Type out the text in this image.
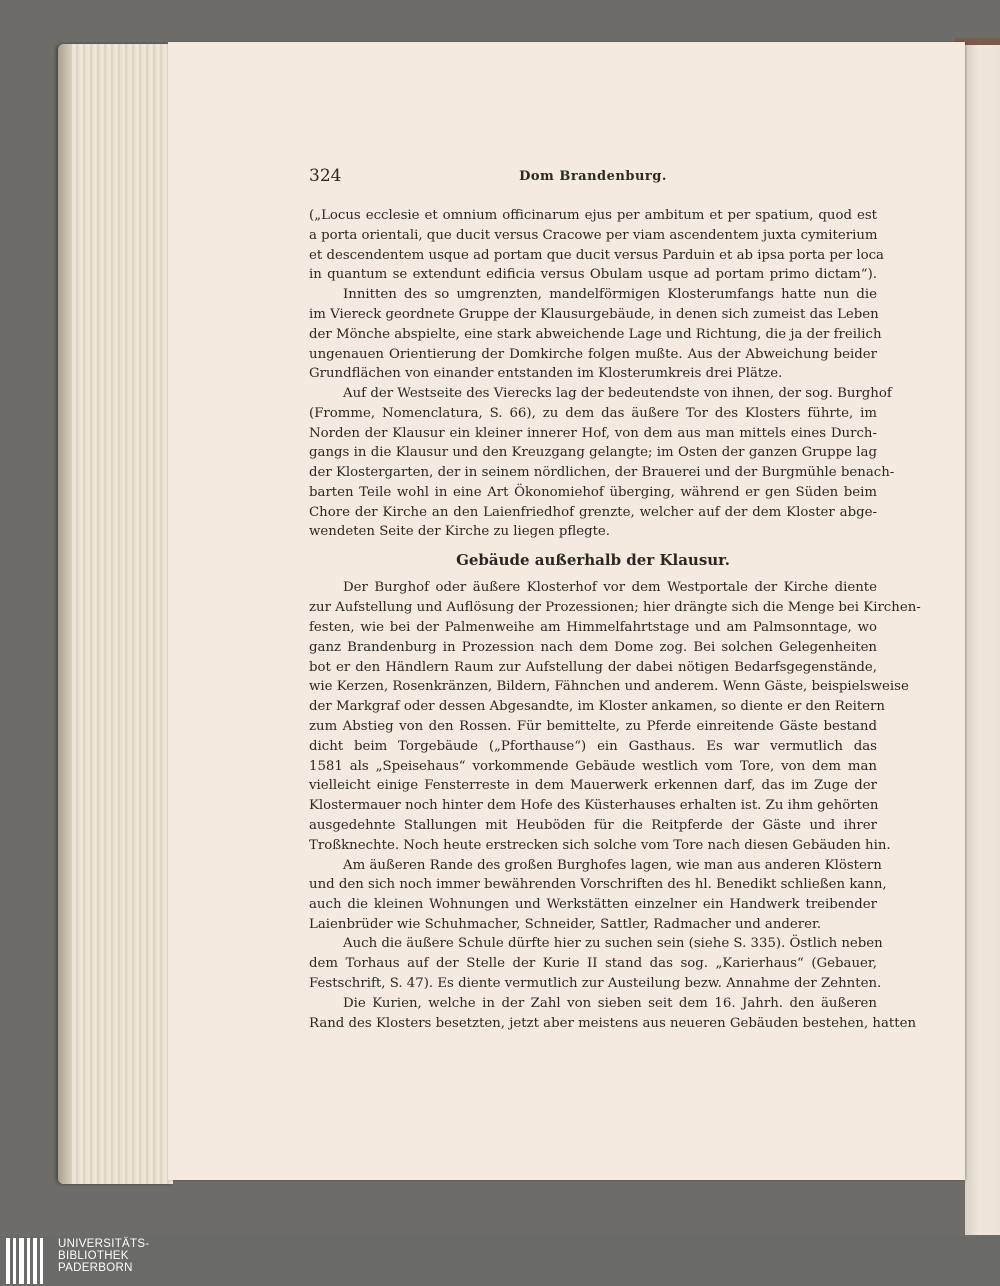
324	Dom Brandenburg.
(„Locus ecclesie et omnium officinarum ejus per ambitum et per spatium, quod est
a porta orientali, que ducit versus Cracowe per viam ascendentem juxta cymiterium
et descendentem usque ad portam que ducit versus Parduin et ab ipsa porta per loca
in quantum se extendunt edificia versus Obulam usque ad portam primo dictam“).
Innitten des so umgrenzten, mandelförmigen Klosterumfangs hatte nun die
im Viereck geordnete Gruppe der Klausurgebäude, in denen sich zumeist das Leben
der Mönche abspielte, eine stark abweichende Lage und Richtung, die ja der freilich
ungenauen Orientierung der Domkirche folgen mußte. Aus der Abweichung beider
Grundflächen von einander entstanden im Klosterumkreis drei Plätze.
Auf der Westseite des Vierecks lag der bedeutendste von ihnen, der sog. Burghof
(Fromme, Nomenclatura, S. 66), zu dem das äußere Tor des Klosters führte, im
Norden der Klausur ein kleiner innerer Hof, von dem aus man mittels eines Durch-
gangs in die Klausur und den Kreuzgang gelangte; im Osten der ganzen Gruppe lag
der Klostergarten, der in seinem nördlichen, der Brauerei und der Burgmühle benach-
barten Teile wohl in eine Art Ökonomiehof überging, während er gen Süden beim
Chore der Kirche an den Laienfriedhof grenzte, welcher auf der dem Kloster abge-
wendeten Seite der Kirche zu liegen pflegte.
Der Burghof oder äußere Klosterhof vor dem Westportale der Kirche diente
zur Aufstellung und Auflösung der Prozessionen; hier drängte sich die Menge bei Kirchen-
festen, wie bei der Palmenweihe am Himmelfahrtstage und am Palmsonntage, wo
ganz Brandenburg in Prozession nach dem Dome zog. Bei solchen Gelegenheiten
bot er den Händlern Raum zur Aufstellung der dabei nötigen Bedarfsgegenstände,
wie Kerzen, Rosenkränzen, Bildern, Fähnchen und anderem. Wenn Gäste, beispielsweise
der Markgraf oder dessen Abgesandte, im Kloster ankamen, so diente er den Reitern
zum Abstieg von den Rossen. Für bemittelte, zu Pferde einreitende Gäste bestand
dicht beim Torgebäude („Pforthause“) ein Gasthaus. Es war vermutlich das
1581 als „Speisehaus“ vorkommende Gebäude westlich vom Tore, von dem man
vielleicht einige Fensterreste in dem Mauerwerk erkennen darf, das im Zuge der
Klostermauer noch hinter dem Hofe des Küsterhauses erhalten ist. Zu ihm gehörten
ausgedehnte Stallungen mit Heuböden für die Reitpferde der Gäste und ihrer
Troßknechte. Noch heute erstrecken sich solche vom Tore nach diesen Gebäuden hin.
Am äußeren Rande des großen Burghofes lagen, wie man aus anderen Klöstern
und den sich noch immer bewährenden Vorschriften des hl. Benedikt schließen kann,
auch die kleinen Wohnungen und Werkstätten einzelner ein Handwerk treibender
Laienbrüder wie Schuhmacher, Schneider, Sattler, Radmacher und anderer.
Auch die äußere Schule dürfte hier zu suchen sein (siehe S. 335). Östlich neben
dem Torhaus auf der Stelle der Kurie II stand das sog. „Karierhaus“ (Gebauer,
Festschrift, S. 47). Es diente vermutlich zur Austeilung bezw. Annahme der Zehnten.
Die Kurien, welche in der Zahl von sieben seit dem 16. Jahrh. den äußeren
Rand des Klosters besetzten, jetzt aber meistens aus neueren Gebäuden bestehen, hatten
Gebäude außerhalb der Klausur.
UNIVERSITÄTS-
BIBLIOTHEK
PADERBORN
